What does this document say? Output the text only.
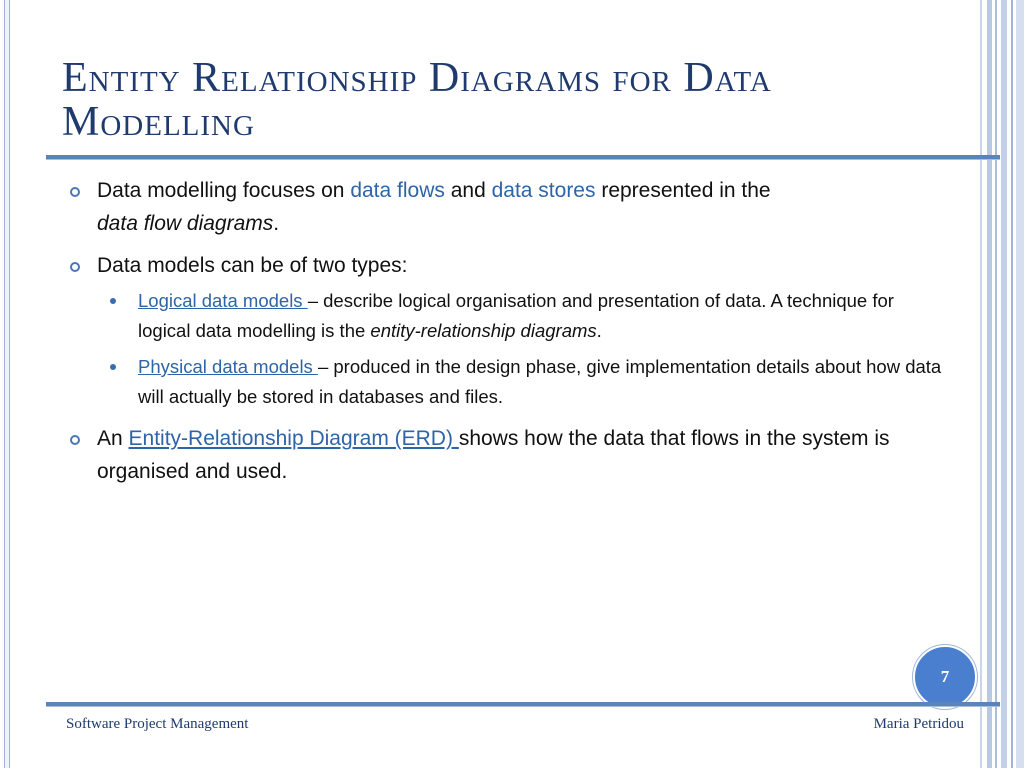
Entity Relationship Diagrams for Data Modelling
Data modelling focuses on data flows and data stores represented in the
data flow diagrams.
Data models can be of two types:
Logical data models – describe logical organisation and presentation of data. A technique for logical data modelling is the entity-relationship diagrams.
Physical data models – produced in the design phase, give implementation details about how data will actually be stored in databases and files.
An Entity-Relationship Diagram (ERD) shows how the data that flows in the system is organised and used.
7
Software Project Management	Maria Petridou
